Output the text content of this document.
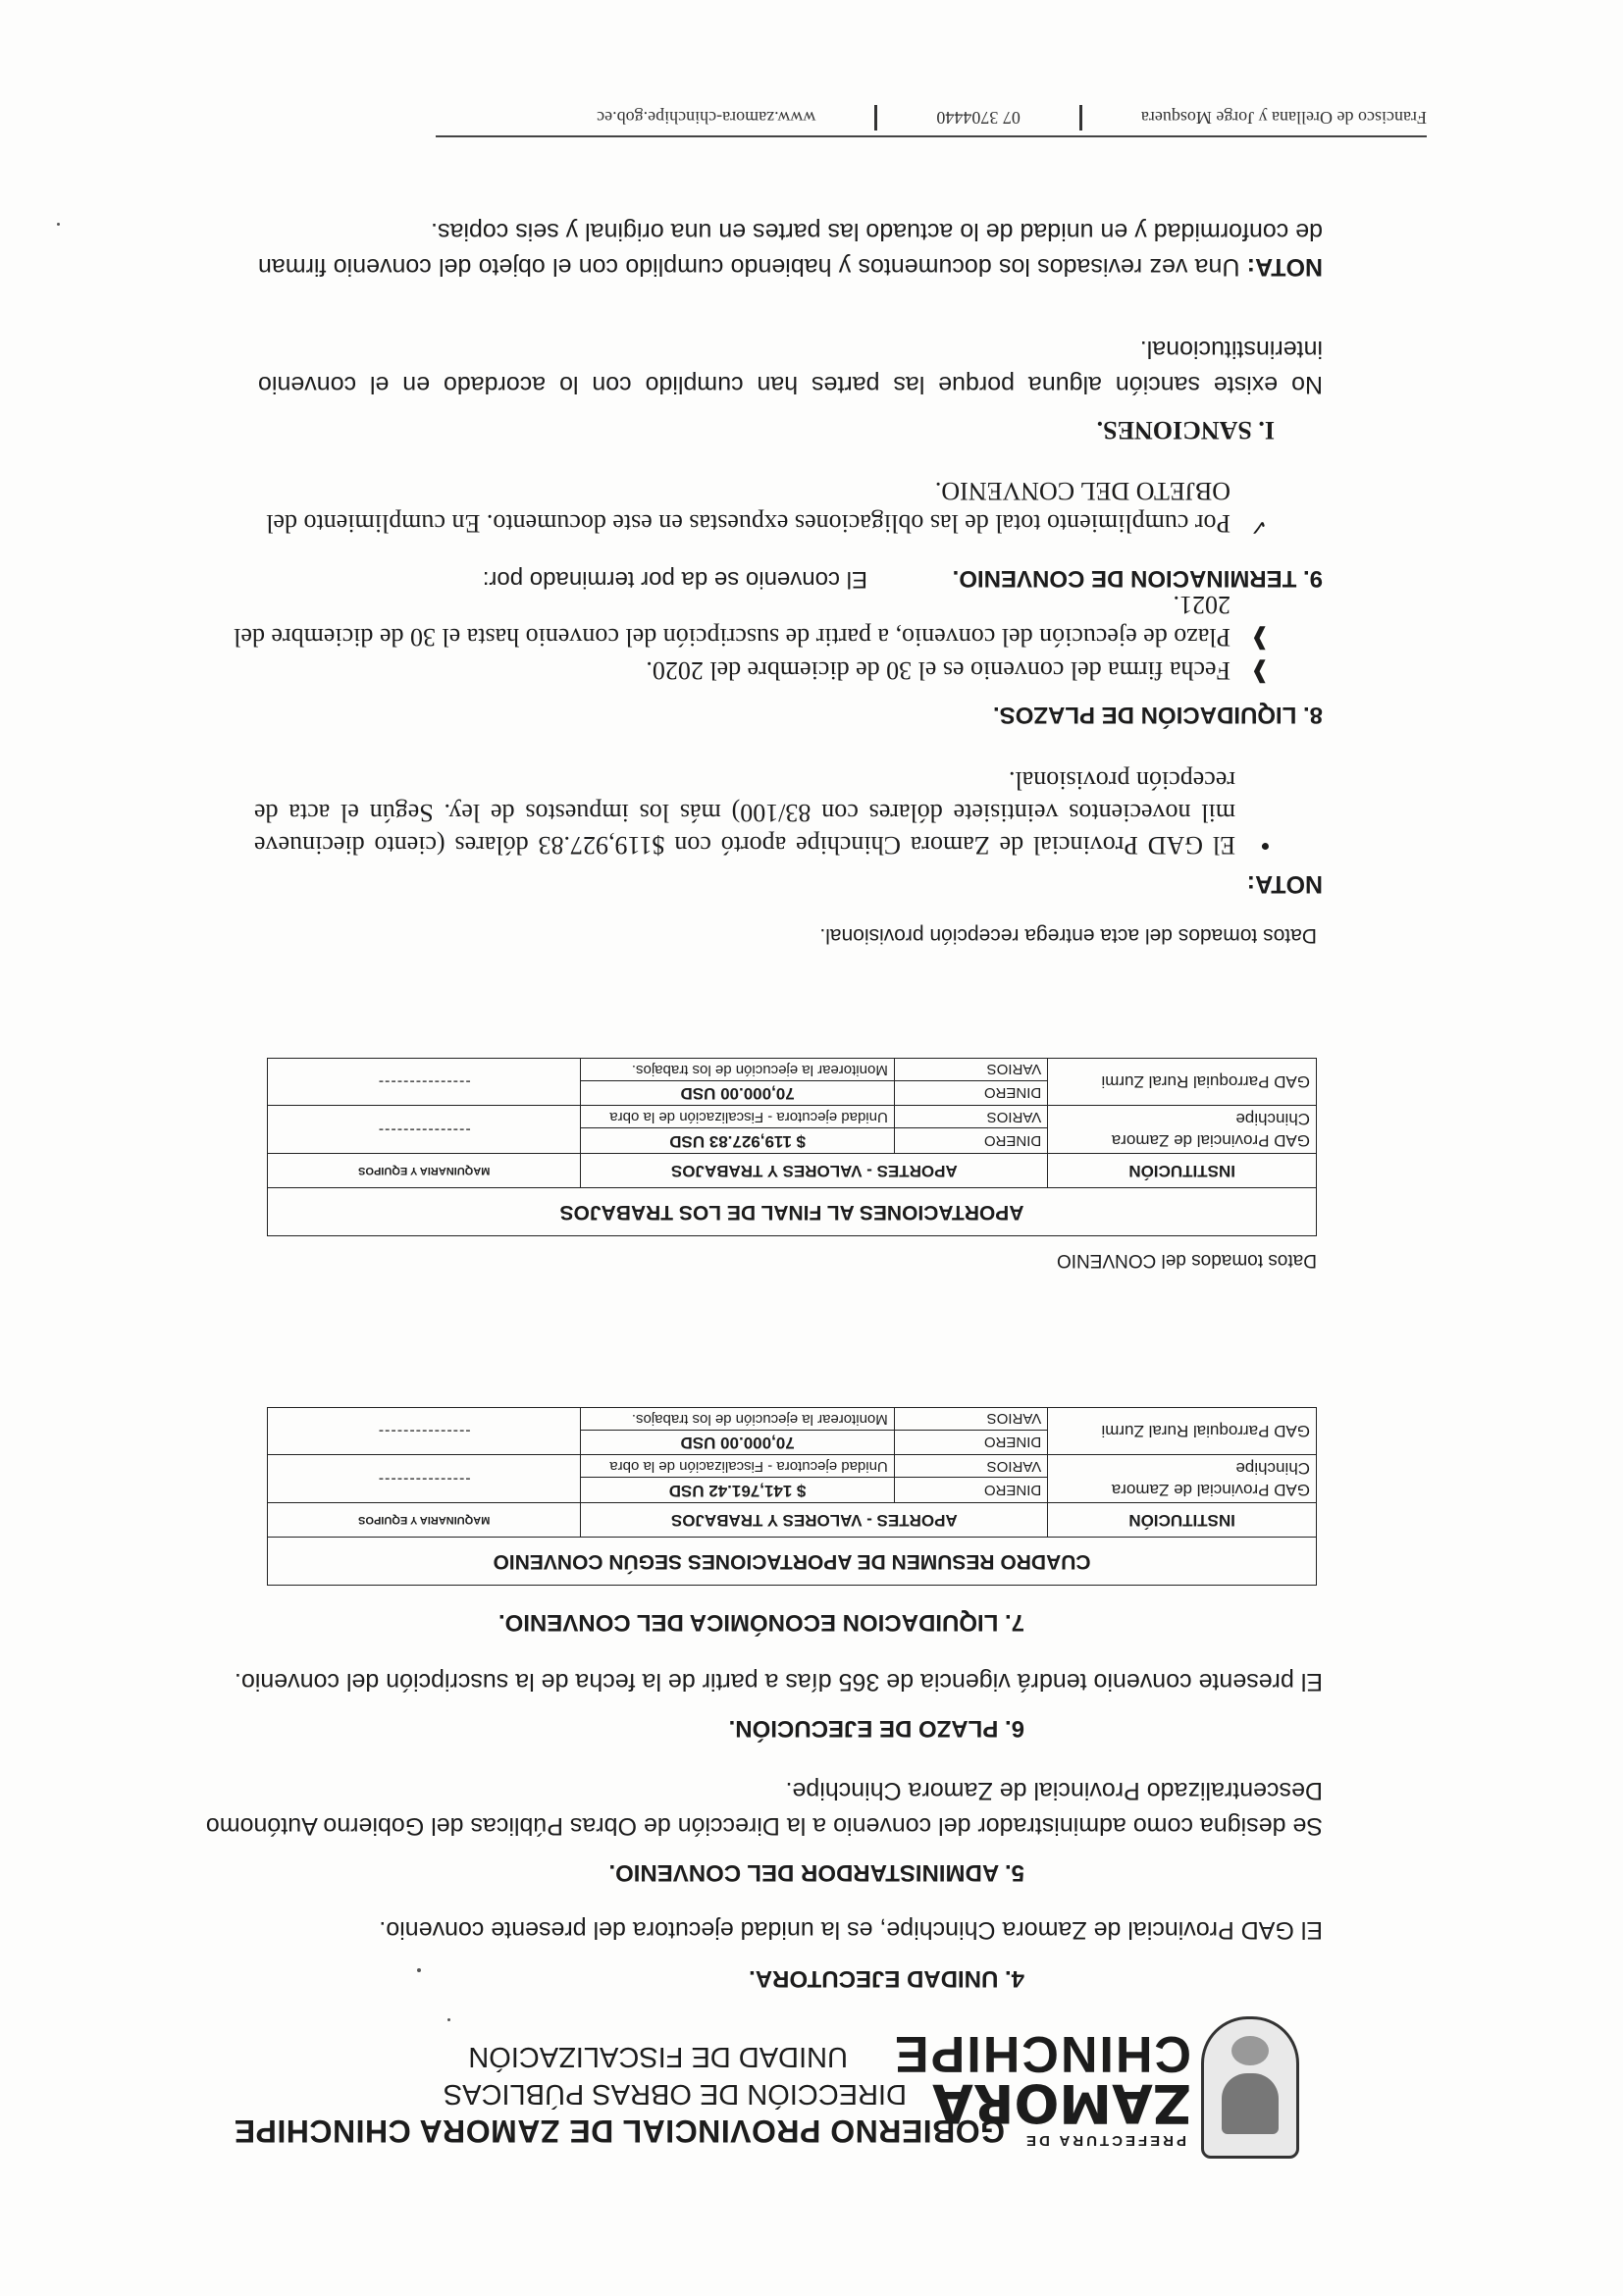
PREFECTURA DE
ZAMORA
CHINCHIPE
GOBIERNO PROVINCIAL DE ZAMORA CHINCHIPE
DIRECCIÓN DE OBRAS PÚBLICAS
UNIDAD DE FISCALIZACIÓN
4. UNIDAD EJECUTORA.
El GAD Provincial de Zamora Chinchipe, es la unidad ejecutora del presente convenio.
5. ADMINISTARDOR DEL CONVENIO.
Se designa como administrador del convenio a la Dirección de Obras Públicas del Gobierno Autónomo Descentralizado Provincial de Zamora Chinchipe.
6. PLAZO DE EJECUCIÓN.
El presente convenio tendrá vigencia de 365 días a partir de la fecha de la suscripción del convenio.
7. LIQUIDACION ECONÓMICA DEL CONVENIO.
CUADRO RESUMEN DE APORTACIONES SEGÚN CONVENIO			
INSTITUCIÓN	APORTES - VALORES Y TRABAJOS		MAQUINARIA Y EQUIPOS
GAD Provincial de Zamora Chinchipe	DINERO	$ 141,761.42 USD	---------------
	VARIOS	Unidad ejecutora - Fiscalización de la obra	
GAD Parroquial Rural Zurmi	DINERO	70,000.00 USD	---------------
	VARIOS	Monitorear la ejecución de los trabajos.	
Datos tomados del CONVENIO
APORTACIONES AL FINAL DE LOS TRABAJOS			
INSTITUCIÓN	APORTES - VALORES Y TRABAJOS		MAQUINARIA Y EQUIPOS
GAD Provincial de Zamora Chinchipe	DINERO	$ 119,927.83 USD	---------------
	VARIOS	Unidad ejecutora - Fiscalización de la obra	
GAD Parroquial Rural Zurmi	DINERO	70,000.00 USD	---------------
	VARIOS	Monitorear la ejecución de los trabajos.	
Datos tomados del acta entrega recepción provisional.
NOTA:
•
El GAD Provincial de Zamora Chinchipe aportó con $119,927.83 dólares (ciento diecinueve mil novecientos veintisiete dólares con 83/100) más los impuestos de ley. Según el acta de recepción provisional.
8. LIQUIDACIÓN DE PLAZOS.
❱
Fecha firma del convenio es el 30 de diciembre del 2020.
❱
Plazo de ejecución del convenio, a partir de suscripción del convenio hasta el 30 de diciembre del 2021.
9. TERMINACION DE CONVENIO.
El convenio se da por terminado por:
✓
Por cumplimiento total de las obligaciones expuestas en este documento. En cumplimiento del OBJETO DEL CONVENIO.
I. SANCIONES.
No existe sanción alguna porque las partes han cumplido con lo acordado en el convenio interinstitucional.
NOTA: Una vez revisados los documentos y habiendo cumplido con el objeto del convenio firman de conformidad y en unidad de lo actuado las partes en una original y seis copias.
Francisco de Orellana y Jorge Mosquera
07 3704440
www.zamora-chinchipe.gob.ec
